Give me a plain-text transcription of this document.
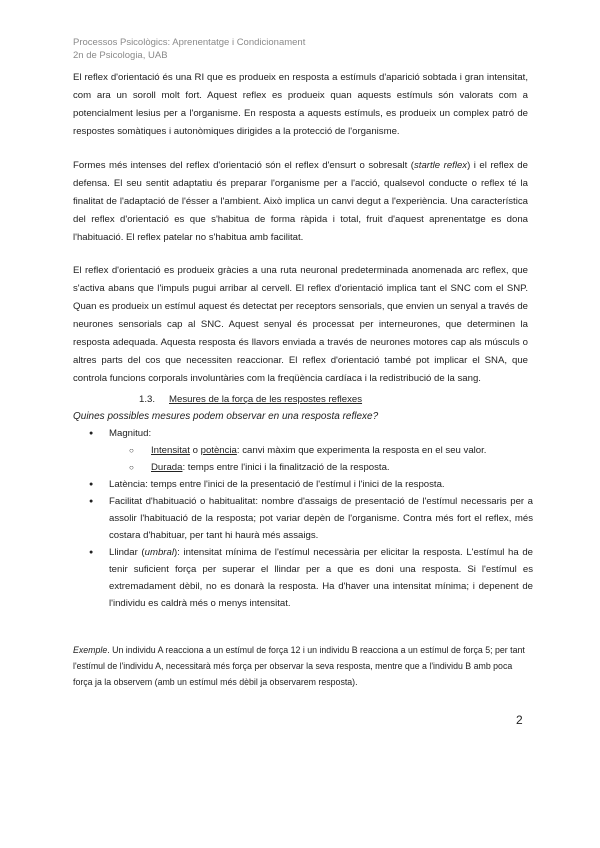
Processos Psicològics: Aprenentatge i Condicionament
2n de Psicologia, UAB
El reflex d'orientació és una RI que es produeix en resposta a estímuls d'aparició sobtada i gran intensitat, com ara un soroll molt fort. Aquest reflex es produeix quan aquests estímuls són valorats com a potencialment lesius per a l'organisme. En resposta a aquests estímuls, es produeix un complex patró de respostes somàtiques i autonòmiques dirigides a la protecció de l'organisme.
Formes més intenses del reflex d'orientació són el reflex d'ensurt o sobresalt (startle reflex) i el reflex de defensa. El seu sentit adaptatiu és preparar l'organisme per a l'acció, qualsevol conducte o reflex té la finalitat de l'adaptació de l'ésser a l'ambient. Això implica un canvi degut a l'experiència. Una característica del reflex d'orientació es que s'habitua de forma ràpida i total, fruit d'aquest aprenentatge es dona l'habituació. El reflex patelar no s'habitua amb facilitat.
El reflex d'orientació es produeix gràcies a una ruta neuronal predeterminada anomenada arc reflex, que s'activa abans que l'impuls pugui arribar al cervell. El reflex d'orientació implica tant el SNC com el SNP. Quan es produeix un estímul aquest és detectat per receptors sensorials, que envien un senyal a través de neurones sensorials cap al SNC. Aquest senyal és processat per interneurones, que determinen la resposta adequada. Aquesta resposta és llavors enviada a través de neurones motores cap als músculs o altres parts del cos que necessiten reaccionar. El reflex d'orientació també pot implicar el SNA, que controla funcions corporals involuntàries com la freqüència cardíaca i la redistribució de la sang.
1.3. Mesures de la força de les respostes reflexes
Quines possibles mesures podem observar en una resposta reflexe?
● Magnitud:
○ Intensitat o potència: canvi màxim que experimenta la resposta en el seu valor.
○ Durada: temps entre l'inici i la finalització de la resposta.
● Latència: temps entre l'inici de la presentació de l'estímul i l'inici de la resposta.
● Facilitat d'habituació o habitualitat: nombre d'assaigs de presentació de l'estímul necessaris per a assolir l'habituació de la resposta; pot variar depèn de l'organisme. Contra més fort el reflex, més costara d'habituar, per tant hi haurà més assaigs.
● Llindar (umbral): intensitat mínima de l'estímul necessària per elicitar la resposta. L'estímul ha de tenir suficient força per superar el llindar per a que es doni una resposta. Si l'estímul es extremadament dèbil, no es donarà la resposta. Ha d'haver una intensitat mínima; i depenent de l'individu es caldrà més o menys intensitat.
Exemple. Un individu A reacciona a un estímul de força 12 i un individu B reacciona a un estímul de força 5; per tant l'estímul de l'individu A, necessitarà més força per observar la seva resposta, mentre que a l'individu B amb poca força ja la observem (amb un estímul més dèbil ja observarem resposta).
2
